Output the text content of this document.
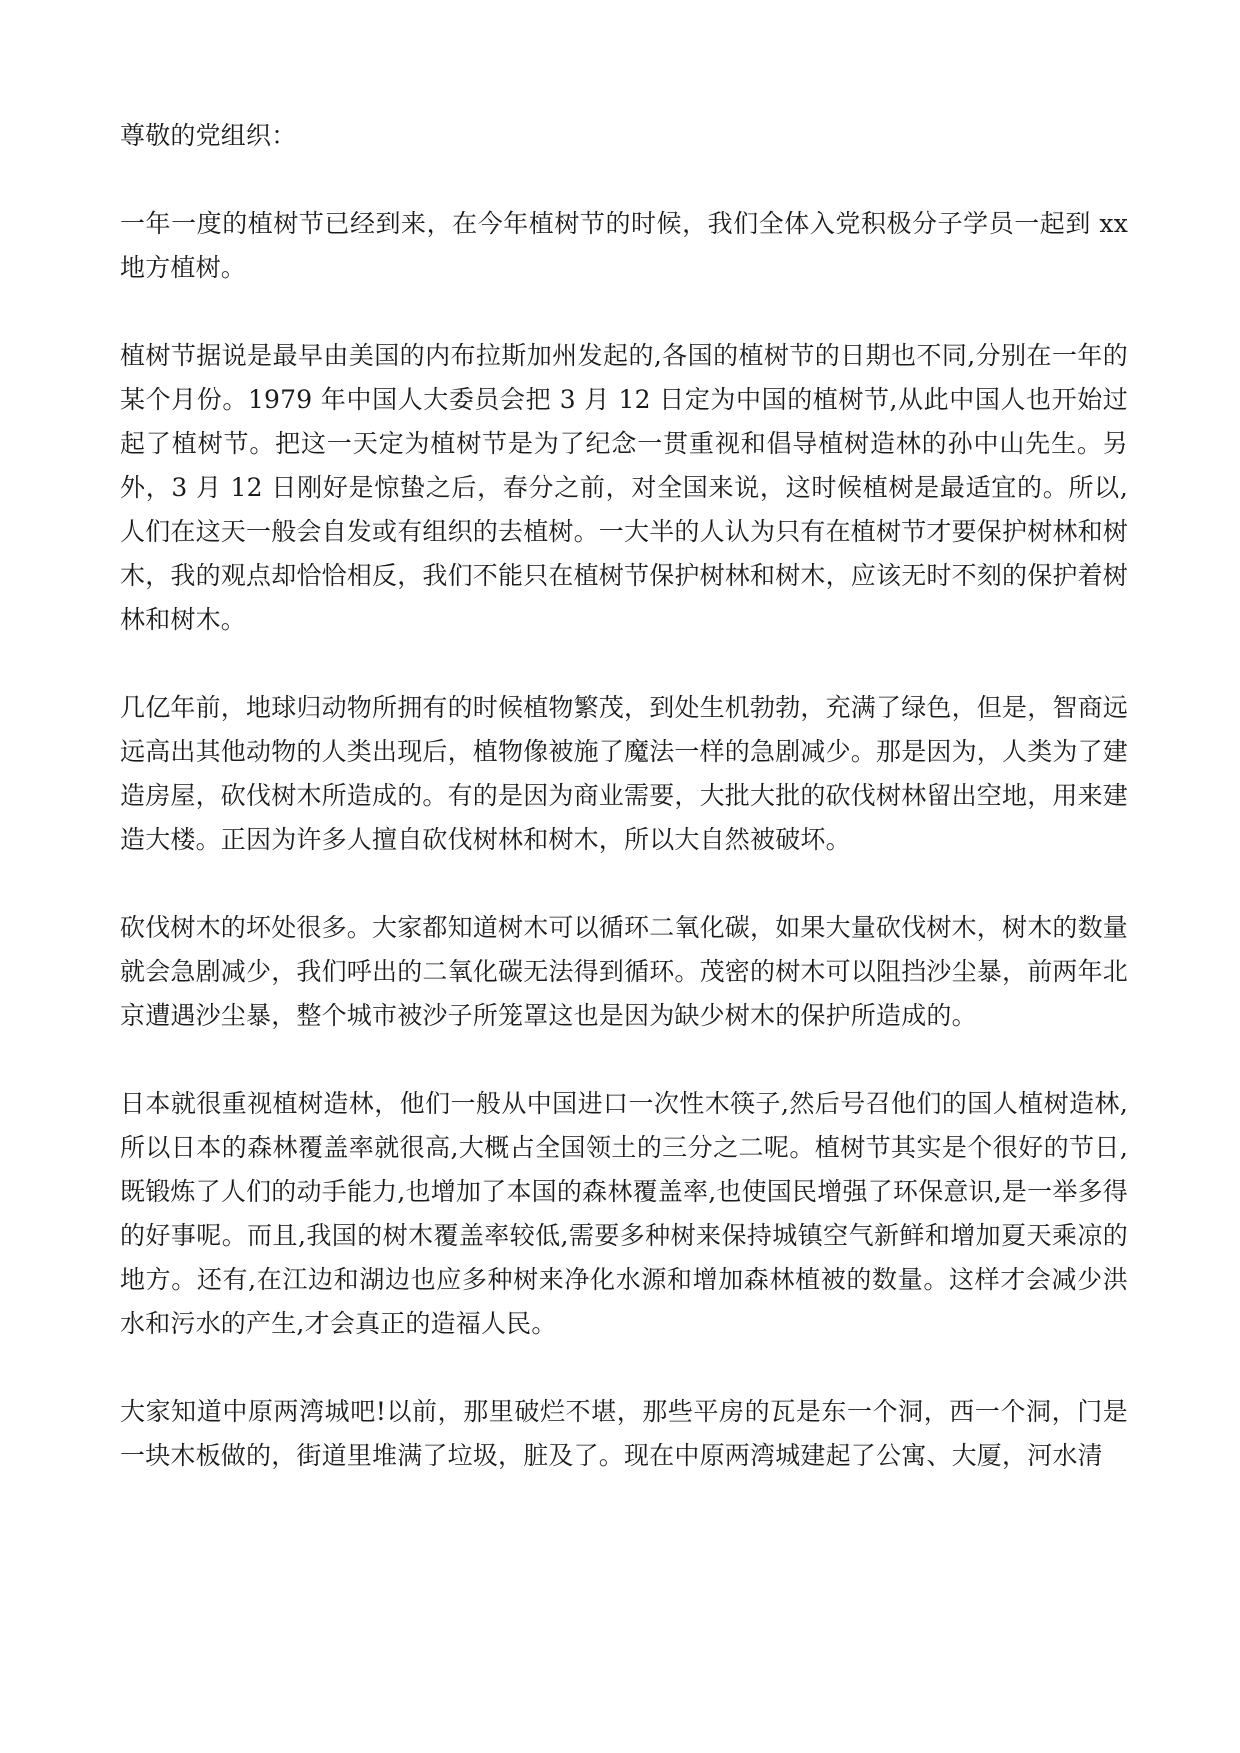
尊敬的党组织：

一年一度的植树节已经到来，在今年植树节的时候，我们全体入党积极分子学员一起到 xx 地方植树。

植树节据说是最早由美国的内布拉斯加州发起的,各国的植树节的日期也不同,分别在一年的某个月份。1979 年中国人大委员会把 3 月 12 日定为中国的植树节,从此中国人也开始过起了植树节。把这一天定为植树节是为了纪念一贯重视和倡导植树造林的孙中山先生。另外，3 月 12 日刚好是惊蛰之后，春分之前，对全国来说，这时候植树是最适宜的。所以,人们在这天一般会自发或有组织的去植树。一大半的人认为只有在植树节才要保护树林和树木，我的观点却恰恰相反，我们不能只在植树节保护树林和树木，应该无时不刻的保护着树林和树木。

几亿年前，地球归动物所拥有的时候植物繁茂，到处生机勃勃，充满了绿色，但是，智商远远高出其他动物的人类出现后，植物像被施了魔法一样的急剧减少。那是因为，人类为了建造房屋，砍伐树木所造成的。有的是因为商业需要，大批大批的砍伐树林留出空地，用来建造大楼。正因为许多人擅自砍伐树林和树木，所以大自然被破坏。

砍伐树木的坏处很多。大家都知道树木可以循环二氧化碳，如果大量砍伐树木，树木的数量就会急剧减少，我们呼出的二氧化碳无法得到循环。茂密的树木可以阻挡沙尘暴，前两年北京遭遇沙尘暴，整个城市被沙子所笼罩这也是因为缺少树木的保护所造成的。

日本就很重视植树造林，他们一般从中国进口一次性木筷子,然后号召他们的国人植树造林,所以日本的森林覆盖率就很高,大概占全国领土的三分之二呢。植树节其实是个很好的节日,既锻炼了人们的动手能力,也增加了本国的森林覆盖率,也使国民增强了环保意识,是一举多得的好事呢。而且,我国的树木覆盖率较低,需要多种树来保持城镇空气新鲜和增加夏天乘凉的地方。还有,在江边和湖边也应多种树来净化水源和增加森林植被的数量。这样才会减少洪水和污水的产生,才会真正的造福人民。

大家知道中原两湾城吧!以前，那里破烂不堪，那些平房的瓦是东一个洞，西一个洞，门是一块木板做的，街道里堆满了垃圾，脏及了。现在中原两湾城建起了公寓、大厦，河水清
